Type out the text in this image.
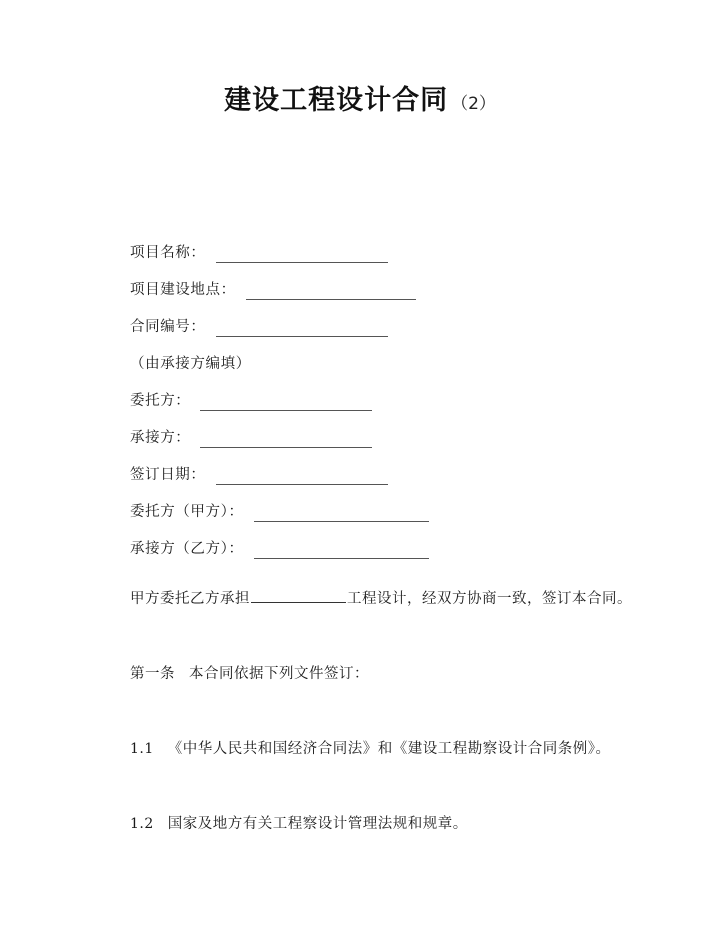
建设工程设计合同 （2）
项目名称：
项目建设地点：
合同编号：
（由承接方编填）
委托方：
承接方：
签订日期：
委托方（甲方）：
承接方（乙方）：
甲方委托乙方承担	工程设计，经双方协商一致，签订本合同。
第一条 本合同依据下列文件签订：
1.1 《中华人民共和国经济合同法》和《建设工程勘察设计合同条例》。
1.2 国家及地方有关工程察设计管理法规和规章。
